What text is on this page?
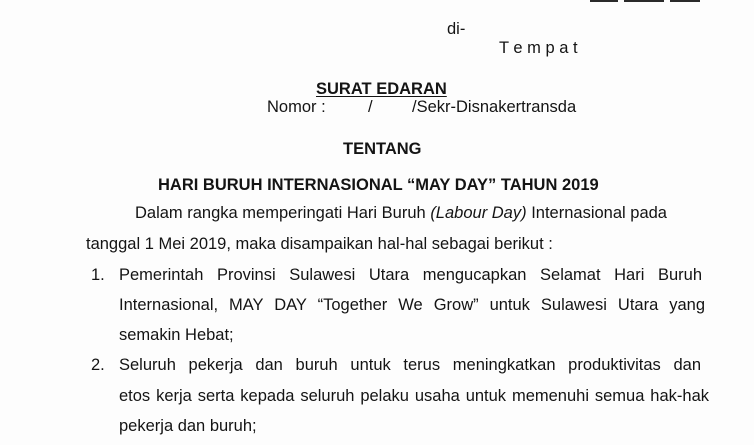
di-
T e m p a t
SURAT EDARAN
Nomor :	/ /Sekr-Disnakertransda
TENTANG
HARI BURUH INTERNASIONAL “MAY DAY” TAHUN 2019
Dalam rangka memperingati Hari Buruh (Labour Day) Internasional pada
tanggal 1 Mei 2019, maka disampaikan hal-hal sebagai berikut :
1. Pemerintah Provinsi Sulawesi Utara mengucapkan Selamat Hari Buruh
Internasional, MAY DAY “Together We Grow” untuk Sulawesi Utara yang
semakin Hebat;
2. Seluruh pekerja dan buruh untuk terus meningkatkan produktivitas dan
etos kerja serta kepada seluruh pelaku usaha untuk memenuhi semua hak-hak
pekerja dan buruh;
